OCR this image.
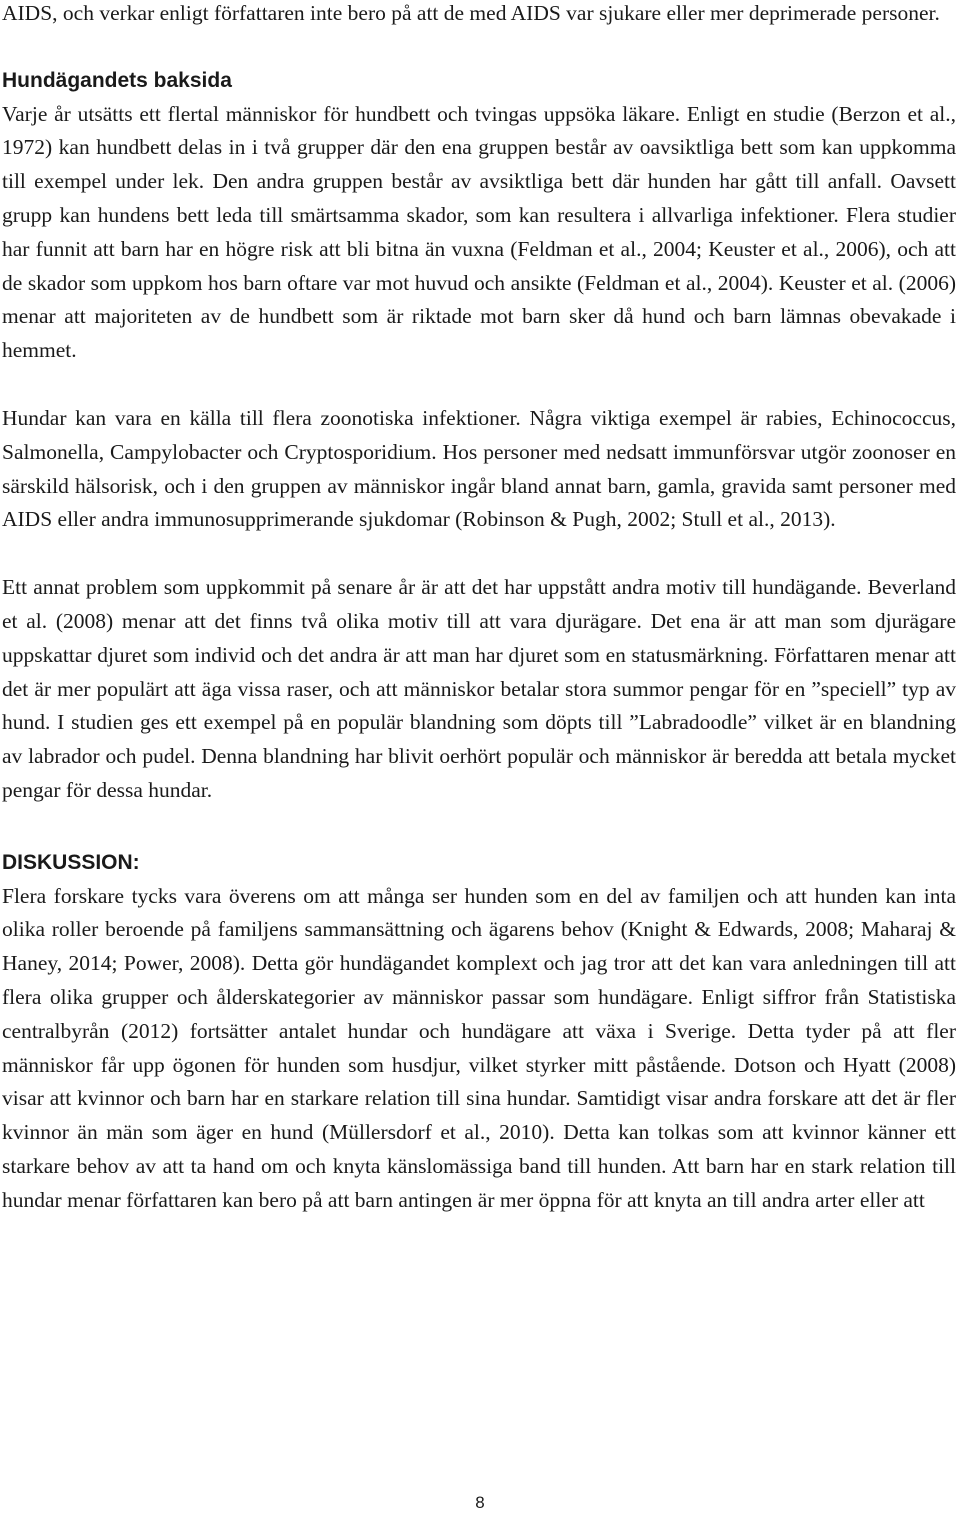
AIDS, och verkar enligt författaren inte bero på att de med AIDS var sjukare eller mer deprimerade personer.

Hundägandets baksida

Varje år utsätts ett flertal människor för hundbett och tvingas uppsöka läkare. Enligt en studie (Berzon et al., 1972) kan hundbett delas in i två grupper där den ena gruppen består av oavsiktliga bett som kan uppkomma till exempel under lek. Den andra gruppen består av avsiktliga bett där hunden har gått till anfall. Oavsett grupp kan hundens bett leda till smärtsamma skador, som kan resultera i allvarliga infektioner. Flera studier har funnit att barn har en högre risk att bli bitna än vuxna (Feldman et al., 2004; Keuster et al., 2006), och att de skador som uppkom hos barn oftare var mot huvud och ansikte (Feldman et al., 2004). Keuster et al. (2006) menar att majoriteten av de hundbett som är riktade mot barn sker då hund och barn lämnas obevakade i hemmet.

Hundar kan vara en källa till flera zoonotiska infektioner. Några viktiga exempel är rabies, Echinococcus, Salmonella, Campylobacter och Cryptosporidium. Hos personer med nedsatt immunförsvar utgör zoonoser en särskild hälsorisk, och i den gruppen av människor ingår bland annat barn, gamla, gravida samt personer med AIDS eller andra immunosupprimerande sjukdomar (Robinson & Pugh, 2002; Stull et al., 2013).

Ett annat problem som uppkommit på senare år är att det har uppstått andra motiv till hundägande. Beverland et al. (2008) menar att det finns två olika motiv till att vara djurägare. Det ena är att man som djurägare uppskattar djuret som individ och det andra är att man har djuret som en statusmärkning. Författaren menar att det är mer populärt att äga vissa raser, och att människor betalar stora summor pengar för en ”speciell” typ av hund. I studien ges ett exempel på en populär blandning som döpts till ”Labradoodle” vilket är en blandning av labrador och pudel. Denna blandning har blivit oerhört populär och människor är beredda att betala mycket pengar för dessa hundar.

DISKUSSION:

Flera forskare tycks vara överens om att många ser hunden som en del av familjen och att hunden kan inta olika roller beroende på familjens sammansättning och ägarens behov (Knight & Edwards, 2008; Maharaj & Haney, 2014; Power, 2008). Detta gör hundägandet komplext och jag tror att det kan vara anledningen till att flera olika grupper och ålderskategorier av människor passar som hundägare. Enligt siffror från Statistiska centralbyrån (2012) fortsätter antalet hundar och hundägare att växa i Sverige. Detta tyder på att fler människor får upp ögonen för hunden som husdjur, vilket styrker mitt påstående. Dotson och Hyatt (2008) visar att kvinnor och barn har en starkare relation till sina hundar. Samtidigt visar andra forskare att det är fler kvinnor än män som äger en hund (Müllersdorf et al., 2010). Detta kan tolkas som att kvinnor känner ett starkare behov av att ta hand om och knyta känslomässiga band till hunden. Att barn har en stark relation till hundar menar författaren kan bero på att barn antingen är mer öppna för att knyta an till andra arter eller att

8
